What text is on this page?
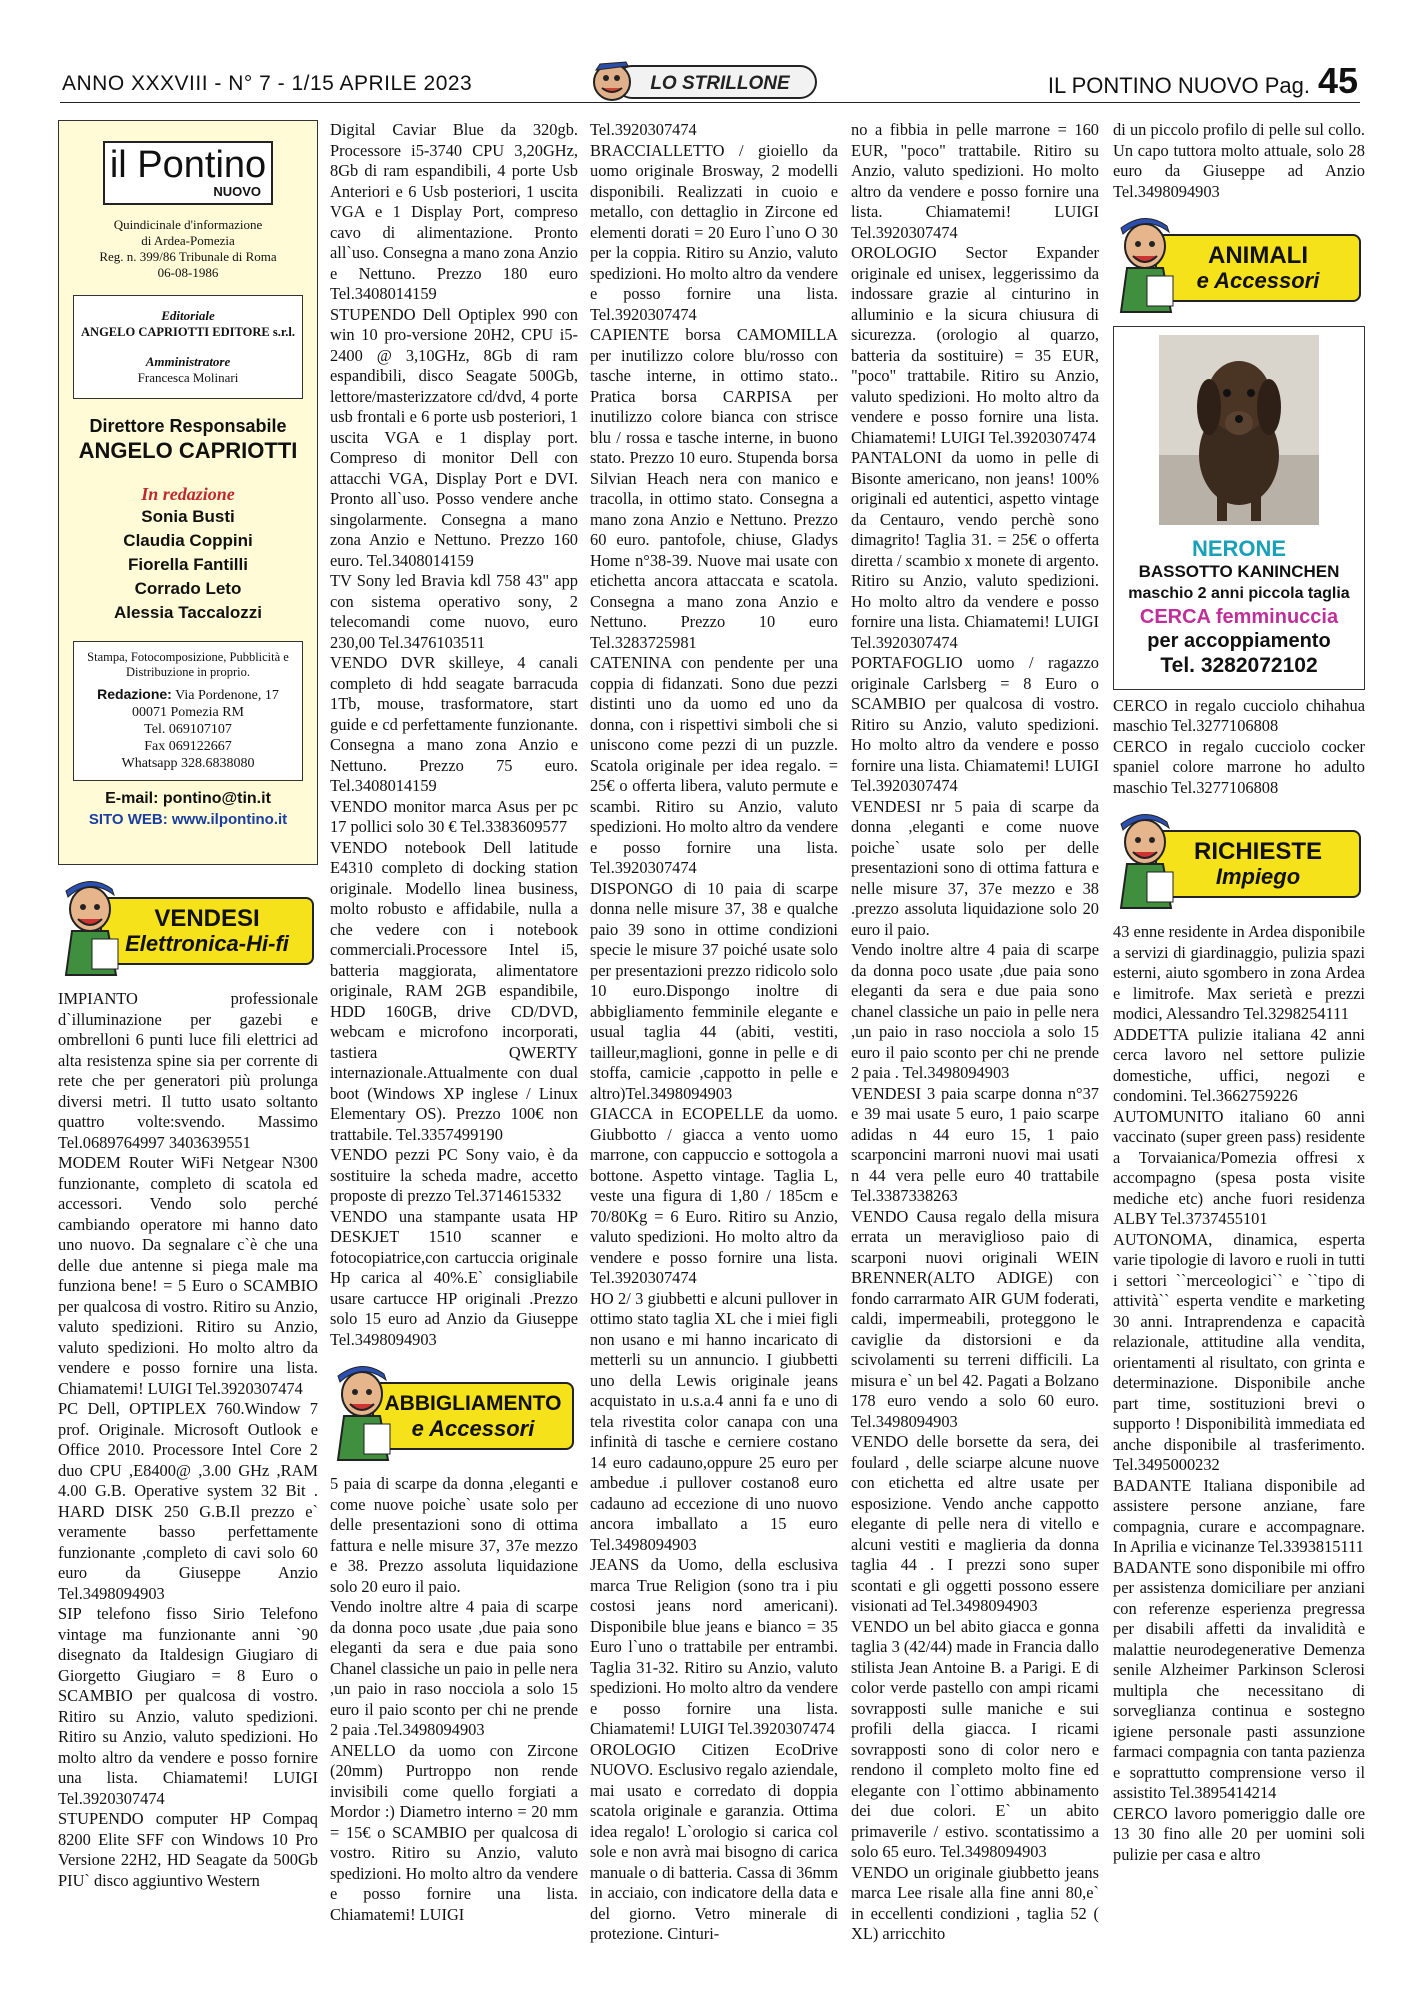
ANNO XXXVIII - N° 7 - 1/15 APRILE 2023	LO STRILLONE	IL PONTINO NUOVO Pag. 45
il Pontino
NUOVO
Quindicinale d'informazione
di Ardea-Pomezia
Reg. n. 399/86 Tribunale di Roma
06-08-1986
Editoriale
ANGELO CAPRIOTTI EDITORE s.r.l.
Amministratore
Francesca Molinari
Direttore Responsabile
ANGELO CAPRIOTTI
In redazione
Sonia Busti
Claudia Coppini
Fiorella Fantilli
Corrado Leto
Alessia Taccalozzi
Stampa, Fotocomposizione, Pubblicità e Distribuzione in proprio.
Redazione: Via Pordenone, 17
00071 Pomezia RM
Tel. 069107107
Fax 069122667
Whatsapp 328.6838080
E-mail: pontino@tin.it
SITO WEB: www.ilpontino.it
VENDESI
Elettronica-Hi-fi

IMPIANTO professionale d`illuminazione per gazebi e ombrelloni 6 punti luce fili elettrici ad alta resistenza spine sia per corrente di rete che per generatori più prolunga diversi metri. Il tutto usato soltanto quattro volte:svendo. Massimo Tel.0689764997 3403639551

MODEM Router WiFi Netgear N300 funzionante, completo di scatola ed accessori. Vendo solo perché cambiando operatore mi hanno dato uno nuovo. Da segnalare c`è che una delle due antenne si piega male ma funziona bene! = 5 Euro o SCAMBIO per qualcosa di vostro. Ritiro su Anzio, valuto spedizioni. Ritiro su Anzio, valuto spedizioni. Ho molto altro da vendere e posso fornire una lista. Chiamatemi! LUIGI Tel.3920307474

PC Dell, OPTIPLEX 760.Window 7 prof. Originale. Microsoft Outlook e Office 2010. Processore Intel Core 2 duo CPU ,E8400@ ,3.00 GHz ,RAM 4.00 G.B. Operative system 32 Bit . HARD DISK 250 G.B.Il prezzo e` veramente basso perfettamente funzionante ,completo di cavi solo 60 euro da Giuseppe Anzio Tel.3498094903

SIP telefono fisso Sirio Telefono vintage ma funzionante anni `90 disegnato da Italdesign Giugiaro di Giorgetto Giugiaro = 8 Euro o SCAMBIO per qualcosa di vostro. Ritiro su Anzio, valuto spedizioni. Ritiro su Anzio, valuto spedizioni. Ho molto altro da vendere e posso fornire una lista. Chiamatemi! LUIGI Tel.3920307474

STUPENDO computer HP Compaq 8200 Elite SFF con Windows 10 Pro Versione 22H2, HD Seagate da 500Gb PIU` disco aggiuntivo Western

Digital Caviar Blue da 320gb. Processore i5-3740 CPU 3,20GHz, 8Gb di ram espandibili, 4 porte Usb Anteriori e 6 Usb posteriori, 1 uscita VGA e 1 Display Port, compreso cavo di alimentazione. Pronto all`uso. Consegna a mano zona Anzio e Nettuno. Prezzo 180 euro Tel.3408014159

STUPENDO Dell Optiplex 990 con win 10 pro-versione 20H2, CPU i5-2400 @ 3,10GHz, 8Gb di ram espandibili, disco Seagate 500Gb, lettore/masterizzatore cd/dvd, 4 porte usb frontali e 6 porte usb posteriori, 1 uscita VGA e 1 display port. Compreso di monitor Dell con attacchi VGA, Display Port e DVI. Pronto all`uso. Posso vendere anche singolarmente. Consegna a mano zona Anzio e Nettuno. Prezzo 160 euro. Tel.3408014159

TV Sony led Bravia kdl 758 43" app con sistema operativo sony, 2 telecomandi come nuovo, euro 230,00 Tel.3476103511

VENDO DVR skilleye, 4 canali completo di hdd seagate barracuda 1Tb, mouse, trasformatore, start guide e cd perfettamente funzionante. Consegna a mano zona Anzio e Nettuno. Prezzo 75 euro. Tel.3408014159

VENDO monitor marca Asus per pc 17 pollici solo 30 € Tel.3383609577

VENDO notebook Dell latitude E4310 completo di docking station originale. Modello linea business, molto robusto e affidabile, nulla a che vedere con i notebook commerciali.Processore Intel i5, batteria maggiorata, alimentatore originale, RAM 2GB espandibile, HDD 160GB, drive CD/DVD, webcam e microfono incorporati, tastiera QWERTY internazionale.Attualmente con dual boot (Windows XP inglese / Linux Elementary OS). Prezzo 100€ non trattabile. Tel.3357499190

VENDO pezzi PC Sony vaio, è da sostituire la scheda madre, accetto proposte di prezzo Tel.3714615332

VENDO una stampante usata HP DESKJET 1510 scanner e fotocopiatrice,con cartuccia originale Hp carica al 40%.E` consigliabile usare cartucce HP originali .Prezzo solo 15 euro ad Anzio da Giuseppe Tel.3498094903

ABBIGLIAMENTO
e Accessori

5 paia di scarpe da donna ,eleganti e come nuove poiche` usate solo per delle presentazioni sono di ottima fattura e nelle misure 37, 37e mezzo e 38. Prezzo assoluta liquidazione solo 20 euro il paio.

Vendo inoltre altre 4 paia di scarpe da donna poco usate ,due paia sono eleganti da sera e due paia sono Chanel classiche un paio in pelle nera ,un paio in raso nocciola a solo 15 euro il paio sconto per chi ne prende 2 paia .Tel.3498094903

ANELLO da uomo con Zircone (20mm) Purtroppo non rende invisibili come quello forgiati a Mordor :) Diametro interno = 20 mm = 15€ o SCAMBIO per qualcosa di vostro. Ritiro su Anzio, valuto spedizioni. Ho molto altro da vendere e posso fornire una lista. Chiamatemi! LUIGI

Tel.3920307474

BRACCIALLETTO / gioiello da uomo originale Brosway, 2 modelli disponibili. Realizzati in cuoio e metallo, con dettaglio in Zircone ed elementi dorati = 20 Euro l`uno O 30 per la coppia. Ritiro su Anzio, valuto spedizioni. Ho molto altro da vendere e posso fornire una lista. Tel.3920307474

CAPIENTE borsa CAMOMILLA per inutilizzo colore blu/rosso con tasche interne, in ottimo stato.. Pratica borsa CARPISA per inutilizzo colore bianca con strisce blu / rossa e tasche interne, in buono stato. Prezzo 10 euro. Stupenda borsa Silvian Heach nera con manico e tracolla, in ottimo stato. Consegna a mano zona Anzio e Nettuno. Prezzo 60 euro. pantofole, chiuse, Gladys Home n°38-39. Nuove mai usate con etichetta ancora attaccata e scatola. Consegna a mano zona Anzio e Nettuno. Prezzo 10 euro Tel.3283725981

CATENINA con pendente per una coppia di fidanzati. Sono due pezzi distinti uno da uomo ed uno da donna, con i rispettivi simboli che si uniscono come pezzi di un puzzle. Scatola originale per idea regalo. = 25€ o offerta libera, valuto permute e scambi. Ritiro su Anzio, valuto spedizioni. Ho molto altro da vendere e posso fornire una lista. Tel.3920307474

DISPONGO di 10 paia di scarpe donna nelle misure 37, 38 e qualche paio 39 sono in ottime condizioni specie le misure 37 poiché usate solo per presentazioni prezzo ridicolo solo 10 euro.Dispongo inoltre di abbigliamento femminile elegante e usual taglia 44 (abiti, vestiti, tailleur,maglioni, gonne in pelle e di stoffa, camicie ,cappotto in pelle e altro)Tel.3498094903

GIACCA in ECOPELLE da uomo. Giubbotto / giacca a vento uomo marrone, con cappuccio e sottogola a bottone. Aspetto vintage. Taglia L, veste una figura di 1,80 / 185cm e 70/80Kg = 6 Euro. Ritiro su Anzio, valuto spedizioni. Ho molto altro da vendere e posso fornire una lista. Tel.3920307474

HO 2/ 3 giubbetti e alcuni pullover in ottimo stato taglia XL che i miei figli non usano e mi hanno incaricato di metterli su un annuncio. I giubbetti uno della Lewis originale jeans acquistato in u.s.a.4 anni fa e uno di tela rivestita color canapa con una infinità di tasche e cerniere costano 14 euro cadauno,oppure 25 euro per ambedue .i pullover costano8 euro cadauno ad eccezione di uno nuovo ancora imballato a 15 euro Tel.3498094903

JEANS da Uomo, della esclusiva marca True Religion (sono tra i piu costosi jeans nord americani). Disponibile blue jeans e bianco = 35 Euro l`uno o trattabile per entrambi. Taglia 31-32. Ritiro su Anzio, valuto spedizioni. Ho molto altro da vendere e posso fornire una lista. Chiamatemi! LUIGI Tel.3920307474

OROLOGIO Citizen EcoDrive NUOVO. Esclusivo regalo aziendale, mai usato e corredato di doppia scatola originale e garanzia. Ottima idea regalo! L`orologio si carica col sole e non avrà mai bisogno di carica manuale o di batteria. Cassa di 36mm in acciaio, con indicatore della data e del giorno. Vetro minerale di protezione. Cinturi-

no a fibbia in pelle marrone = 160 EUR, "poco" trattabile. Ritiro su Anzio, valuto spedizioni. Ho molto altro da vendere e posso fornire una lista. Chiamatemi! LUIGI Tel.3920307474

OROLOGIO Sector Expander originale ed unisex, leggerissimo da indossare grazie al cinturino in alluminio e la sicura chiusura di sicurezza. (orologio al quarzo, batteria da sostituire) = 35 EUR, "poco" trattabile. Ritiro su Anzio, valuto spedizioni. Ho molto altro da vendere e posso fornire una lista. Chiamatemi! LUIGI Tel.3920307474

PANTALONI da uomo in pelle di Bisonte americano, non jeans! 100% originali ed autentici, aspetto vintage da Centauro, vendo perchè sono dimagrito! Taglia 31. = 25€ o offerta diretta / scambio x monete di argento. Ritiro su Anzio, valuto spedizioni. Ho molto altro da vendere e posso fornire una lista. Chiamatemi! LUIGI Tel.3920307474

PORTAFOGLIO uomo / ragazzo originale Carlsberg = 8 Euro o SCAMBIO per qualcosa di vostro. Ritiro su Anzio, valuto spedizioni. Ho molto altro da vendere e posso fornire una lista. Chiamatemi! LUIGI Tel.3920307474

VENDESI nr 5 paia di scarpe da donna ,eleganti e come nuove poiche` usate solo per delle presentazioni sono di ottima fattura e nelle misure 37, 37e mezzo e 38 .prezzo assoluta liquidazione solo 20 euro il paio.

Vendo inoltre altre 4 paia di scarpe da donna poco usate ,due paia sono eleganti da sera e due paia sono chanel classiche un paio in pelle nera ,un paio in raso nocciola a solo 15 euro il paio sconto per chi ne prende 2 paia . Tel.3498094903

VENDESI 3 paia scarpe donna n°37 e 39 mai usate 5 euro, 1 paio scarpe adidas n 44 euro 15, 1 paio scarponcini marroni nuovi mai usati n 44 vera pelle euro 40 trattabile Tel.3387338263

VENDO Causa regalo della misura errata un meraviglioso paio di scarponi nuovi originali WEIN BRENNER(ALTO ADIGE) con fondo carrarmato AIR GUM foderati, caldi, impermeabili, proteggono le caviglie da distorsioni e da scivolamenti su terreni difficili. La misura e` un bel 42. Pagati a Bolzano 178 euro vendo a solo 60 euro. Tel.3498094903

VENDO delle borsette da sera, dei foulard , delle sciarpe alcune nuove con etichetta ed altre usate per esposizione. Vendo anche cappotto elegante di pelle nera di vitello e alcuni vestiti e maglieria da donna taglia 44 . I prezzi sono super scontati e gli oggetti possono essere visionati ad Tel.3498094903

VENDO un bel abito giacca e gonna taglia 3 (42/44) made in Francia dallo stilista Jean Antoine B. a Parigi. E di color verde pastello con ampi ricami sovrapposti sulle maniche e sui profili della giacca. I ricami sovrapposti sono di color nero e rendono il completo molto fine ed elegante con l`ottimo abbinamento dei due colori. E` un abito primaverile / estivo. scontatissimo a solo 65 euro. Tel.3498094903

VENDO un originale giubbetto jeans marca Lee risale alla fine anni 80,e` in eccellenti condizioni , taglia 52 ( XL) arricchito

di un piccolo profilo di pelle sul collo. Un capo tuttora molto attuale, solo 28 euro da Giuseppe ad Anzio Tel.3498094903

ANIMALI
e Accessori
NERONE
BASSOTTO KANINCHEN
maschio 2 anni piccola taglia
CERCA femminuccia
per accoppiamento
Tel. 3282072102

CERCO in regalo cucciolo chihahua maschio Tel.3277106808

CERCO in regalo cucciolo cocker spaniel colore marrone ho adulto maschio Tel.3277106808

RICHIESTE
Impiego

43 enne residente in Ardea disponibile a servizi di giardinaggio, pulizia spazi esterni, aiuto sgombero in zona Ardea e limitrofe. Max serietà e prezzi modici, Alessandro Tel.3298254111

ADDETTA pulizie italiana 42 anni cerca lavoro nel settore pulizie domestiche, uffici, negozi e condomini. Tel.3662759226

AUTOMUNITO italiano 60 anni vaccinato (super green pass) residente a Torvaianica/Pomezia offresi x accompagno (spesa posta visite mediche etc) anche fuori residenza ALBY Tel.3737455101

AUTONOMA, dinamica, esperta varie tipologie di lavoro e ruoli in tutti i settori ``merceologici`` e ``tipo di attività`` esperta vendite e marketing 30 anni. Intraprendenza e capacità relazionale, attitudine alla vendita, orientamenti al risultato, con grinta e determinazione. Disponibile anche part time, sostituzioni brevi o supporto ! Disponibilità immediata ed anche disponibile al trasferimento. Tel.3495000232

BADANTE Italiana disponibile ad assistere persone anziane, fare compagnia, curare e accompagnare. In Aprilia e vicinanze Tel.3393815111

BADANTE sono disponibile mi offro per assistenza domiciliare per anziani con referenze esperienza pregressa per disabili affetti da invalidità e malattie neurodegenerative Demenza senile Alzheimer Parkinson Sclerosi multipla che necessitano di sorveglianza continua e sostegno igiene personale pasti assunzione farmaci compagnia con tanta pazienza e soprattutto comprensione verso il assistito Tel.3895414214

CERCO lavoro pomeriggio dalle ore 13 30 fino alle 20 per uomini soli pulizie per casa e altro
